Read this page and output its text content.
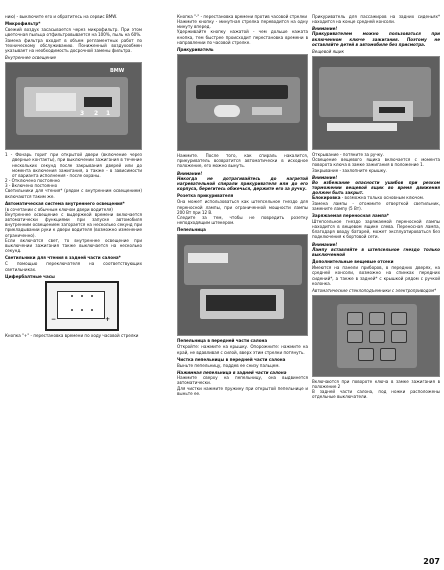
нию) - выключите его и обратитесь на сервис BMW.

Микрофильтр*

Свежий воздух засасывается через микрофильтр. При этом цветочная пыльца отфильтровывается на 100%, пыль на 60%.

Замена фильтра входит в объем регламентных работ по техническому обслуживанию. Пониженный воздухообмен указывает на необходимость досрочной замены фильтра.

Внутреннее освещение

3 2 1
BMW

1 - Фонарь горит при открытой двери (включение через дверные контакты), при выключении зажигания в течение нескольких секунд после закрывания дверей или до момента включения зажигания, а также - в зависимости от варианта исполнения - после охраны.

2 - Отключено постоянно

3 - Включено постоянно

Светильники для чтения* (рядом с внутренним освещением) включаются таким же.

Автоматическая система внутреннего освещения*

(в сочетании с обычным ключом двери водителя)

Внутреннее освещение с выдержкой времени включается автоматически функциями при запуске автомобиля внутренним освещением загорается на несколько секунд при прикладывании руки к двери водителя (возможно изменение ограниченно).

Если включатся свет, то внутреннее освещение при выключении зажигания также выключается на несколько секунд.

Светильники для чтения в задней части салона*

С помощью переключателя на соответствующих светильниках.

Цифербалтные часы

−	+

Кнопка "+" - перестановка времени по ходу часовой стрелки

Кнопка "-" - перестановка времени против часовой стрелки

Нажмите кнопку - минутная стрелка переводится на одну минуту вперед.

Удерживайте кнопку нажатой - чем дольше нажата кнопка, тем быстрее происходит перестановка времени в направлении по часовой стрелке.

Прикуриватель

Нажмите. После того, как спираль накалится, прикуриватель возвратится автоматически в исходное положение, его можно вынуть.

Внимание!

Никогда не дотрагивайтесь до нагретой нагревательной спирали прикуривателя или до его корпуса, берегитесь обжечься, держите его за ручку.

Розетка прикуривателя

Она может использоваться как штепсельное гнездо для переносной лампы, при ограниченной мощности лампы 200 Вт при 12 В.

Следите за тем, чтобы не повредить розетку неподходящим штекером.

Пепельница

Пепельница в передней части салона

Откройте: нажмите на крышку. Опорожните: нажмите на край, не вдавливая с силой, вверх этим стрелки потянуть.

Чистка пепельницы в передней части салона

Выньте пепельницу, поддев ее снизу пальцем.

Нажимная пепельница в задней части салона

Нажмите сверху на пепельницу, она выдвинется автоматически.

Для чистки нажмите пружину при открытой пепельнице и выньте ее.

Прикуриватель для пассажиров на задних сиденьях* находится на конце средней консоли.

Внимание!

Прикуривателем можно пользоваться при включенном ключе зажигания. Поэтому не оставляйте детей в автомобиле без присмотра.

Вещевой ящик

Открывание - потяните за ручку.

Освещение вещевого ящика включается с момента поворота ключа в замке зажигания в положение 1.

Закрывание - захлопните крышку.

Внимание!

Во избежание опасности ушибов при резком торможении вещевой ящик во время движения должен быть закрыт.

Блокировка - возможна только основным ключом.

Замена лампы - отожмите отверткой светильник, замените лампу (5 Вт).

Заряжаемая переносная лампа*

Штепсельное гнездо заряжаемой переносной лампы находится в вещевом ящике слева. Переносная лампа, благодаря вводу батарей, может эксплуатироваться без подключения к бортовой сети.

Внимание!

Лампу вставляйте в штепсельное гнездо только выключенной

Дополнительные вещевые отсеки

Имеются на панели приборов, в передних дверях, на средней консоли, возможно на спинках передних сидений*, а также в задней* с крышкой рядом с ручкой колонка.

Автоматические стеклоподъемники с электроприводом*

Включаются при повороте ключа в замке зажигания в положение 2

В задней части салона, под ножки расположены отдельные выключатели.

207
